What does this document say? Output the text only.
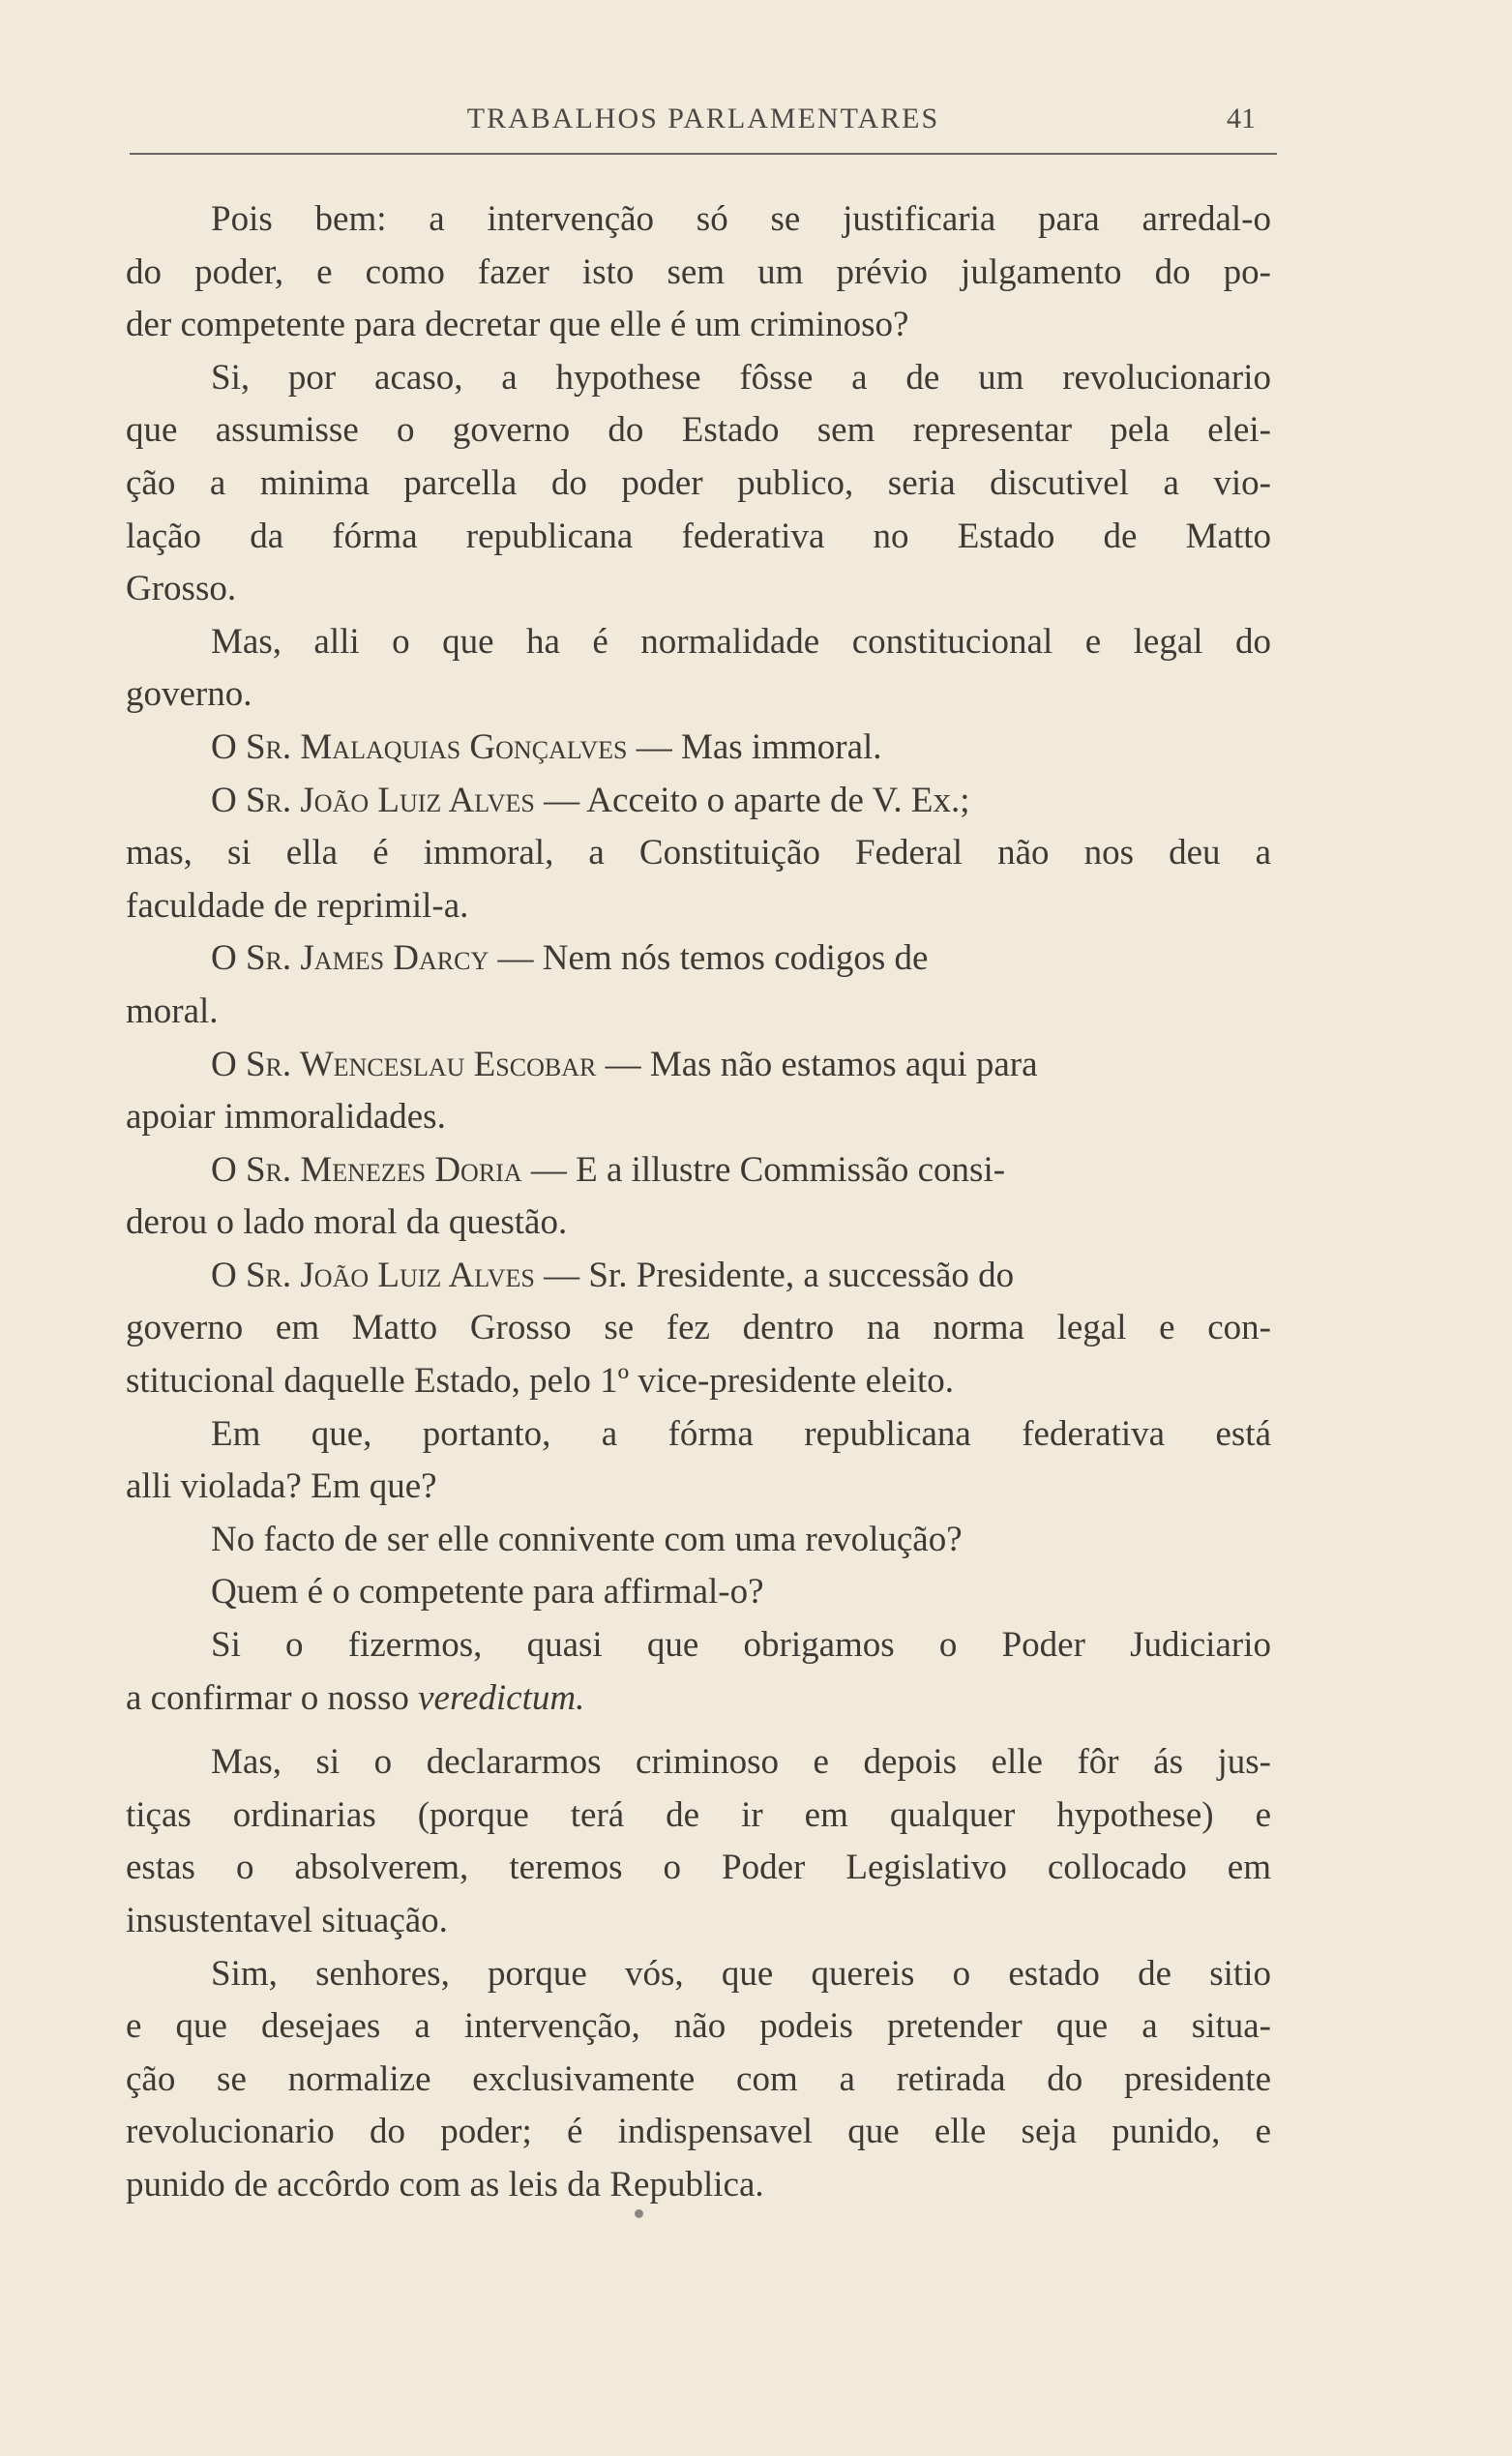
TRABALHOS PARLAMENTARES	41
Pois bem: a intervenção só se justificaria para arredal-o
do poder, e como fazer isto sem um prévio julgamento do po-
der competente para decretar que elle é um criminoso?
Si, por acaso, a hypothese fôsse a de um revolucionario
que assumisse o governo do Estado sem representar pela elei-
ção a minima parcella do poder publico, seria discutivel a vio-
lação da fórma republicana federativa no Estado de Matto
Grosso.
Mas, alli o que ha é normalidade constitucional e legal do
governo.
O Sr. Malaquias Gonçalves — Mas immoral.
O Sr. João Luiz Alves — Acceito o aparte de V. Ex.;
mas, si ella é immoral, a Constituição Federal não nos deu a
faculdade de reprimil-a.
O Sr. James Darcy — Nem nós temos codigos de
moral.
O Sr. Wenceslau Escobar — Mas não estamos aqui para
apoiar immoralidades.
O Sr. Menezes Doria — E a illustre Commissão consi-
derou o lado moral da questão.
O Sr. João Luiz Alves — Sr. Presidente, a successão do
governo em Matto Grosso se fez dentro na norma legal e con-
stitucional daquelle Estado, pelo 1º vice-presidente eleito.
Em que, portanto, a fórma republicana federativa está
alli violada? Em que?
No facto de ser elle connivente com uma revolução?
Quem é o competente para affirmal-o?
Si o fizermos, quasi que obrigamos o Poder Judiciario
a confirmar o nosso veredictum.
Mas, si o declararmos criminoso e depois elle fôr ás jus-
tiças ordinarias (porque terá de ir em qualquer hypothese) e
estas o absolverem, teremos o Poder Legislativo collocado em
insustentavel situação.
Sim, senhores, porque vós, que quereis o estado de sitio
e que desejaes a intervenção, não podeis pretender que a situa-
ção se normalize exclusivamente com a retirada do presidente
revolucionario do poder; é indispensavel que elle seja punido, e
punido de accôrdo com as leis da Republica.
